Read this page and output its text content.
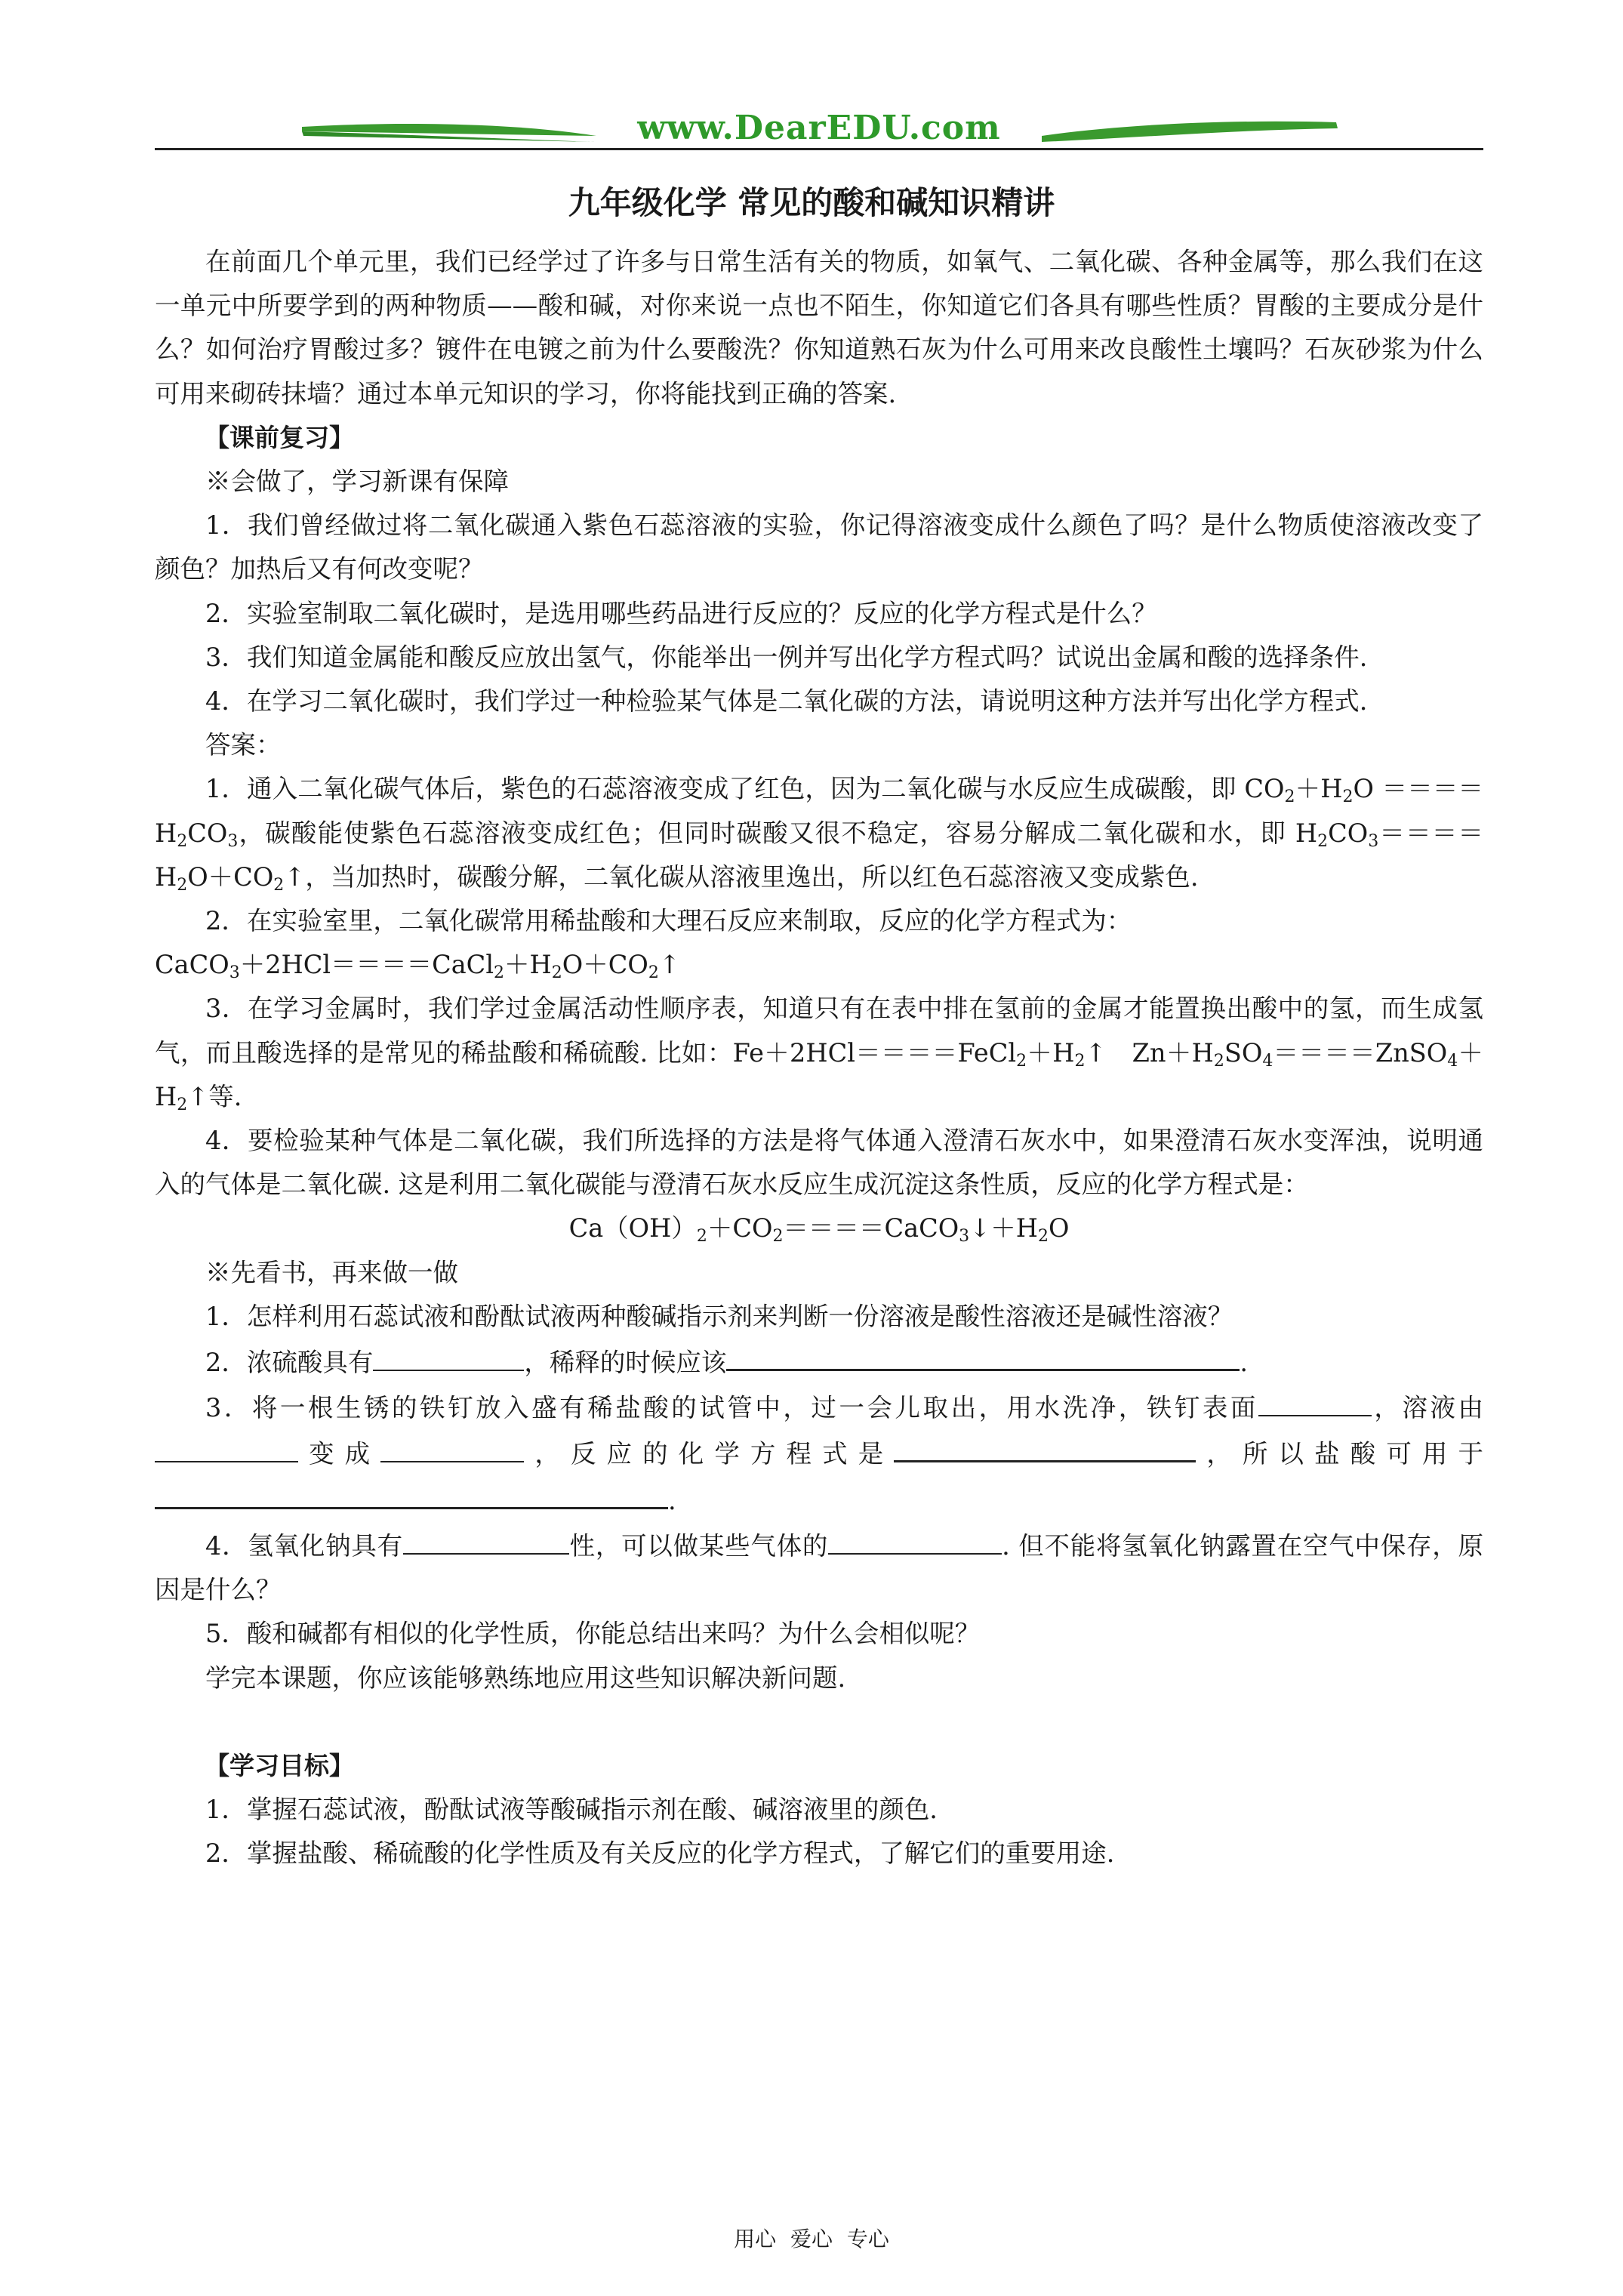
www.DearEDU.com
九年级化学 常见的酸和碱知识精讲

在前面几个单元里，我们已经学过了许多与日常生活有关的物质，如氧气、二氧化碳、各种金属等，那么我们在这一单元中所要学到的两种物质——酸和碱，对你来说一点也不陌生，你知道它们各具有哪些性质？胃酸的主要成分是什么？如何治疗胃酸过多？镀件在电镀之前为什么要酸洗？你知道熟石灰为什么可用来改良酸性土壤吗？石灰砂浆为什么可用来砌砖抹墙？通过本单元知识的学习，你将能找到正确的答案.

【课前复习】

※会做了，学习新课有保障

1．我们曾经做过将二氧化碳通入紫色石蕊溶液的实验，你记得溶液变成什么颜色了吗？是什么物质使溶液改变了颜色？加热后又有何改变呢？

2．实验室制取二氧化碳时，是选用哪些药品进行反应的？反应的化学方程式是什么？

3．我们知道金属能和酸反应放出氢气，你能举出一例并写出化学方程式吗？试说出金属和酸的选择条件.

4．在学习二氧化碳时，我们学过一种检验某气体是二氧化碳的方法，请说明这种方法并写出化学方程式.

答案：

1．通入二氧化碳气体后，紫色的石蕊溶液变成了红色，因为二氧化碳与水反应生成碳酸，即 $CO_2+H_2O ====H_2CO_3$，碳酸能使紫色石蕊溶液变成红色；但同时碳酸又很不稳定，容易分解成二氧化碳和水，即 $H_2CO_3====H_2O+CO_2↑$，当加热时，碳酸分解，二氧化碳从溶液里逸出，所以红色石蕊溶液又变成紫色.

2．在实验室里，二氧化碳常用稀盐酸和大理石反应来制取，反应的化学方程式为：

$CaCO_3+2HCl====CaCl_2+H_2O+CO_2↑$

3．在学习金属时，我们学过金属活动性顺序表，知道只有在表中排在氢前的金属才能置换出酸中的氢，而生成氢气，而且酸选择的是常见的稀盐酸和稀硫酸. 比如：$Fe+2HCl====FeCl_2+H_2↑$　$Zn+H_2SO_4====ZnSO_4+H_2↑$等.

4．要检验某种气体是二氧化碳，我们所选择的方法是将气体通入澄清石灰水中，如果澄清石灰水变浑浊，说明通入的气体是二氧化碳. 这是利用二氧化碳能与澄清石灰水反应生成沉淀这条性质，反应的化学方程式是：

$Ca(OH)_2+CO_2====CaCO_3↓+H_2O$

※先看书，再来做一做

1．怎样利用石蕊试液和酚酞试液两种酸碱指示剂来判断一份溶液是酸性溶液还是碱性溶液？

2．浓硫酸具有	，稀释的时候应该	.

3．将一根生锈的铁钉放入盛有稀盐酸的试管中，过一会儿取出，用水洗净，铁钉表面	，溶液由变成	，反应的化学方程式是	，所以盐酸可用于.

4．氢氧化钠具有	性，可以做某些气体的	. 但不能将氢氧化钠露置在空气中保存，原因是什么？

5．酸和碱都有相似的化学性质，你能总结出来吗？为什么会相似呢？

学完本课题，你应该能够熟练地应用这些知识解决新问题.

【学习目标】

1．掌握石蕊试液，酚酞试液等酸碱指示剂在酸、碱溶液里的颜色.

2．掌握盐酸、稀硫酸的化学性质及有关反应的化学方程式，了解它们的重要用途.

用心 爱心 专心
